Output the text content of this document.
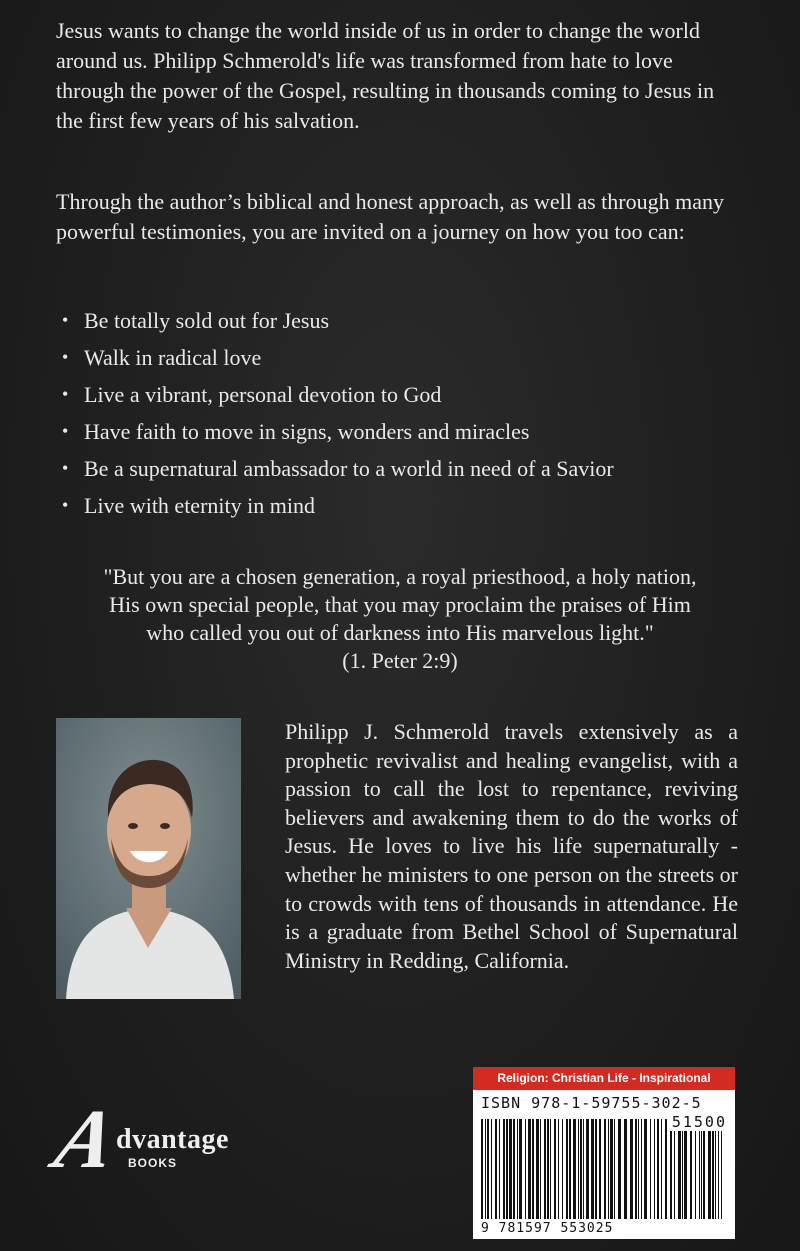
Jesus wants to change the world inside of us in order to change the world around us. Philipp Schmerold's life was transformed from hate to love through the power of the Gospel, resulting in thousands coming to Jesus in the first few years of his salvation.

Through the author’s biblical and honest approach, as well as through many powerful testimonies, you are invited on a journey on how you too can:

• Be totally sold out for Jesus
• Walk in radical love
• Live a vibrant, personal devotion to God
• Have faith to move in signs, wonders and miracles
• Be a supernatural ambassador to a world in need of a Savior
• Live with eternity in mind

"But you are a chosen generation, a royal priesthood, a holy nation,
His own special people, that you may proclaim the praises of Him
who called you out of darkness into His marvelous light."
(1. Peter 2:9)

Philipp J. Schmerold travels extensively as a prophetic revivalist and healing evangelist, with a passion to call the lost to repentance, reviving believers and awakening them to do the works of Jesus. He loves to live his life supernaturally - whether he ministers to one person on the streets or to crowds with tens of thousands in attendance. He is a graduate from Bethel School of Supernatural Ministry in Redding, California.

A
dvantage
BOOKS
Religion: Christian Life - Inspirational
ISBN 978-1-59755-302-5
51500
9 781597 553025
